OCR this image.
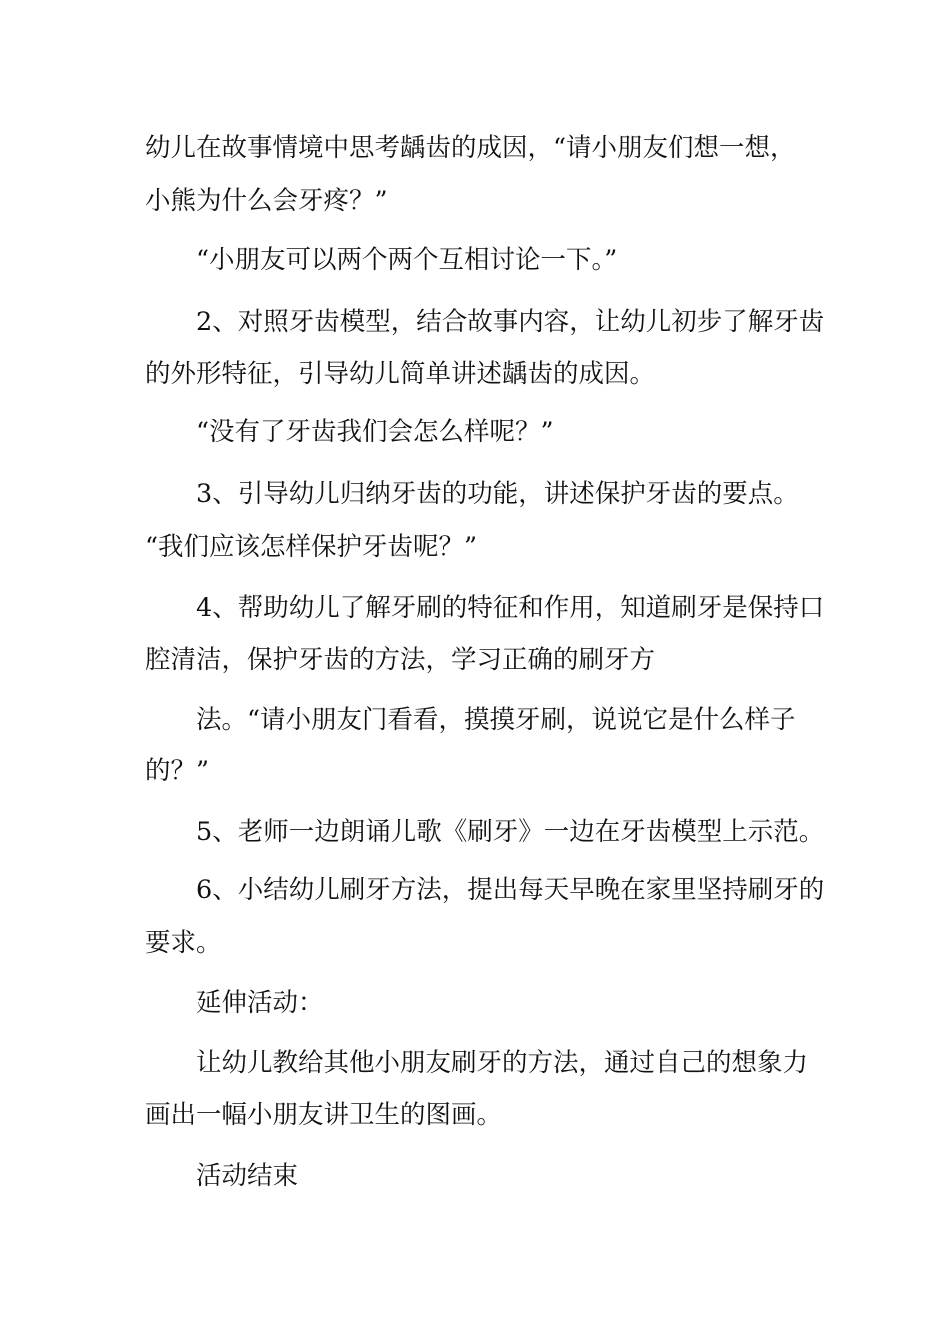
幼儿在故事情境中思考龋齿的成因，“请小朋友们想一想，
小熊为什么会牙疼？”
“小朋友可以两个两个互相讨论一下。”
2、对照牙齿模型，结合故事内容，让幼儿初步了解牙齿
的外形特征，引导幼儿简单讲述龋齿的成因。
“没有了牙齿我们会怎么样呢？”
3、引导幼儿归纳牙齿的功能，讲述保护牙齿的要点。
“我们应该怎样保护牙齿呢？”
4、帮助幼儿了解牙刷的特征和作用，知道刷牙是保持口
腔清洁，保护牙齿的方法，学习正确的刷牙方
法。“请小朋友门看看，摸摸牙刷，说说它是什么样子
的？”
5、老师一边朗诵儿歌《刷牙》一边在牙齿模型上示范。
6、小结幼儿刷牙方法，提出每天早晚在家里坚持刷牙的
要求。
延伸活动：
让幼儿教给其他小朋友刷牙的方法，通过自己的想象力
画出一幅小朋友讲卫生的图画。
活动结束
